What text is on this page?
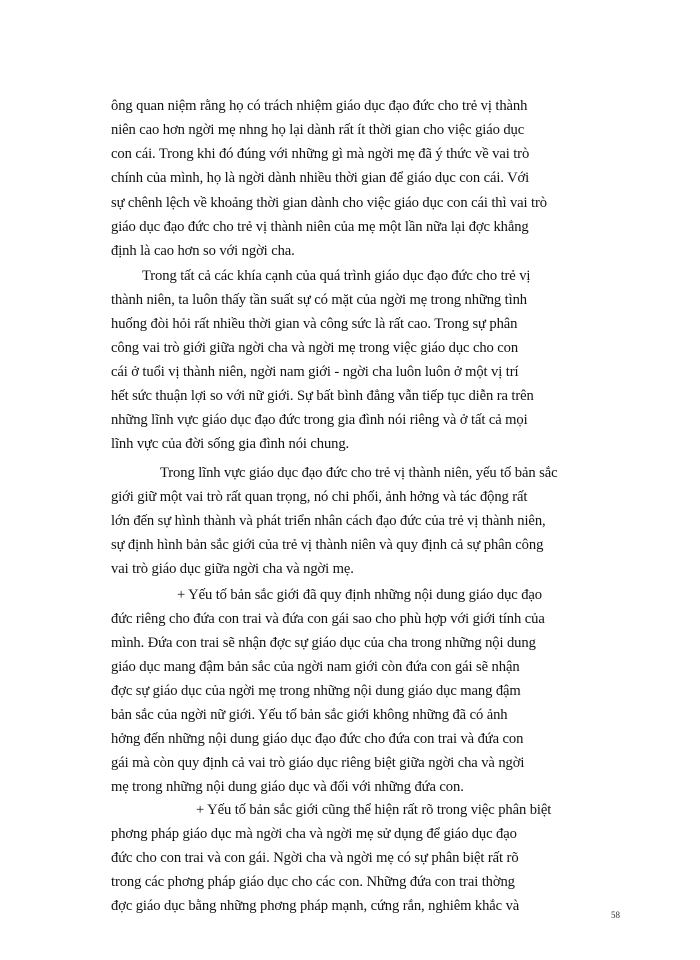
ông quan niệm rằng họ có trách nhiệm giáo dục đạo đức cho trẻ vị thành
niên cao hơn ngời mẹ nhng họ lại dành rất ít thời gian cho việc giáo dục
con cái. Trong khi đó đúng với những gì mà ngời mẹ đã ý thức về vai trò
chính của mình, họ là ngời dành nhiều thời gian để giáo dục con cái. Với
sự chênh lệch về khoảng thời gian dành cho việc giáo dục con cái thì vai trò
giáo dục đạo đức cho trẻ vị thành niên của mẹ một lần nữa lại đợc khẳng
định là cao hơn so với ngời cha.
Trong tất cả các khía cạnh của quá trình giáo dục đạo đức cho trẻ vị
thành niên, ta luôn thấy tần suất sự có mặt của ngời mẹ trong những tình
huống đòi hỏi rất nhiều thời gian và công sức là rất cao. Trong sự phân
công vai trò giới giữa ngời cha và ngời mẹ trong việc giáo dục cho con
cái ở tuổi vị thành niên, ngời nam giới - ngời cha luôn luôn ở một vị trí
hết sức thuận lợi so với nữ giới. Sự bất bình đẳng vẫn tiếp tục diễn ra trên
những lĩnh vực giáo dục đạo đức trong gia đình nói riêng và ở tất cả mọi
lĩnh vực của đời sống gia đình nói chung.
Trong lĩnh vực giáo dục đạo đức cho trẻ vị thành niên, yếu tố bản sắc
giới giữ một vai trò rất quan trọng, nó chi phối, ảnh hởng và tác động rất
lớn đến sự hình thành và phát triển nhân cách đạo đức của trẻ vị thành niên,
sự định hình bản sắc giới của trẻ vị thành niên và quy định cả sự phân công
vai trò giáo dục giữa ngời cha và ngời mẹ.
+ Yếu tố bản sắc giới đã quy định những nội dung giáo dục đạo
đức riêng cho đứa con trai và đứa con gái sao cho phù hợp với giới tính của
mình. Đứa con trai sẽ nhận đợc sự giáo dục của cha trong những nội dung
giáo dục mang đậm bản sắc của ngời nam giới còn đứa con gái sẽ nhận
đợc sự giáo dục của ngời mẹ trong những nội dung giáo dục mang đậm
bản sắc của ngời nữ giới. Yếu tố bản sắc giới không những đã có ảnh
hởng đến những nội dung giáo dục đạo đức cho đứa con trai và đứa con
gái mà còn quy định cả vai trò giáo dục riêng biệt giữa ngời cha và ngời
mẹ trong những nội dung giáo dục và đối với những đứa con.
+ Yếu tố bản sắc giới cũng thể hiện rất rõ trong việc phân biệt
phơng pháp giáo dục mà ngời cha và ngời mẹ sử dụng để giáo dục đạo
đức cho con trai và con gái. Ngời cha và ngời mẹ có sự phân biệt rất rõ
trong các phơng pháp giáo dục cho các con. Những đứa con trai thờng
đợc giáo dục bằng những phơng pháp mạnh, cứng rắn, nghiêm khắc và
58
